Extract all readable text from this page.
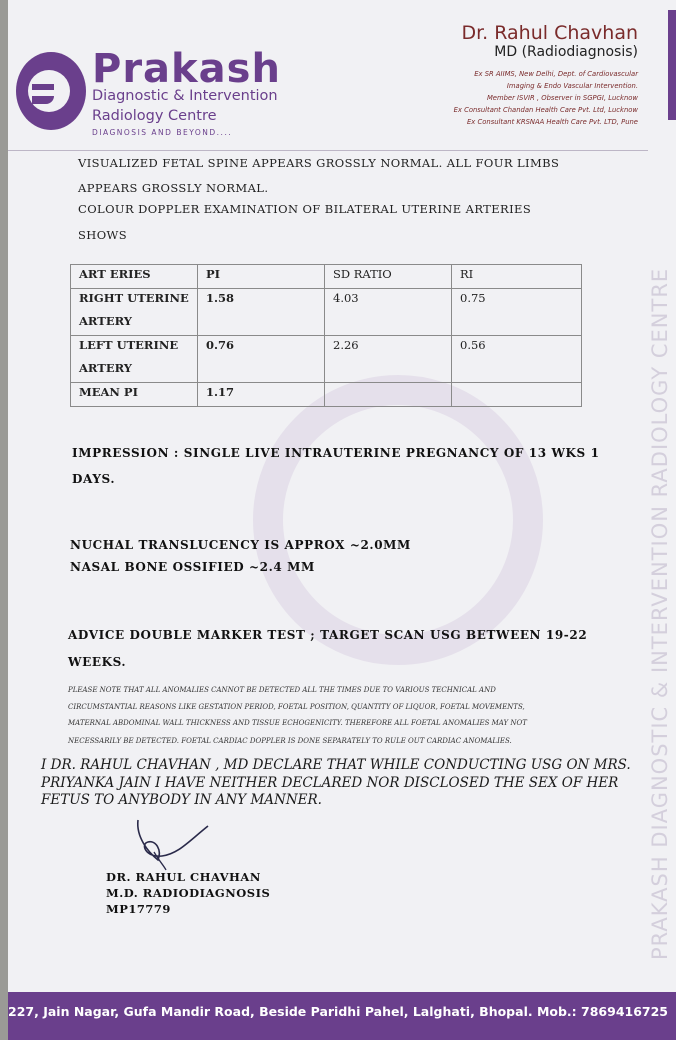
PRAKASH DIAGNOSTIC & INTERVENTION RADIOLOGY CENTRE
Prakash
Diagnostic & Intervention
Radiology Centre
DIAGNOSIS AND BEYOND....
Dr. Rahul Chavhan
MD (Radiodiagnosis)
Ex SR AIIMS, New Delhi, Dept. of Cardiovascular
Imaging & Endo Vascular Intervention.
Member ISVIR , Observer in SGPGI, Lucknow
Ex Consultant Chandan Health Care Pvt. Ltd, Lucknow
Ex Consultant KRSNAA Health Care Pvt. LTD, Pune
VISUALIZED FETAL SPINE APPEARS GROSSLY NORMAL. ALL FOUR LIMBS
APPEARS GROSSLY NORMAL.
COLOUR DOPPLER EXAMINATION OF BILATERAL UTERINE ARTERIES
SHOWS
ART ERIES	PI	SD RATIO	RI
RIGHT UTERINE	1.58	4.03	0.75
ARTERY			
LEFT UTERINE	0.76	2.26	0.56
ARTERY			
MEAN PI	1.17		
IMPRESSION : SINGLE LIVE INTRAUTERINE PREGNANCY OF 13 WKS 1
DAYS.
NUCHAL TRANSLUCENCY IS APPROX ~2.0MM
NASAL BONE OSSIFIED ~2.4 MM
ADVICE DOUBLE MARKER TEST ; TARGET SCAN USG BETWEEN 19-22
WEEKS.
PLEASE NOTE THAT ALL ANOMALIES CANNOT BE DETECTED ALL THE TIMES DUE TO VARIOUS TECHNICAL AND
CIRCUMSTANTIAL REASONS LIKE GESTATION PERIOD, FOETAL POSITION, QUANTITY OF LIQUOR, FOETAL MOVEMENTS,
MATERNAL ABDOMINAL WALL THICKNESS AND TISSUE ECHOGENICITY. THEREFORE ALL FOETAL ANOMALIES MAY NOT
NECESSARILY BE DETECTED. FOETAL CARDIAC DOPPLER IS DONE SEPARATELY TO RULE OUT CARDIAC ANOMALIES.
I DR. RAHUL CHAVHAN , MD DECLARE THAT WHILE CONDUCTING USG ON MRS.
PRIYANKA JAIN I HAVE NEITHER DECLARED NOR DISCLOSED THE SEX OF HER
FETUS TO ANYBODY IN ANY MANNER.
DR. RAHUL CHAVHAN
M.D. RADIODIAGNOSIS
MP17779
227, Jain Nagar, Gufa Mandir Road, Beside Paridhi Pahel, Lalghati, Bhopal. Mob.: 7869416725
